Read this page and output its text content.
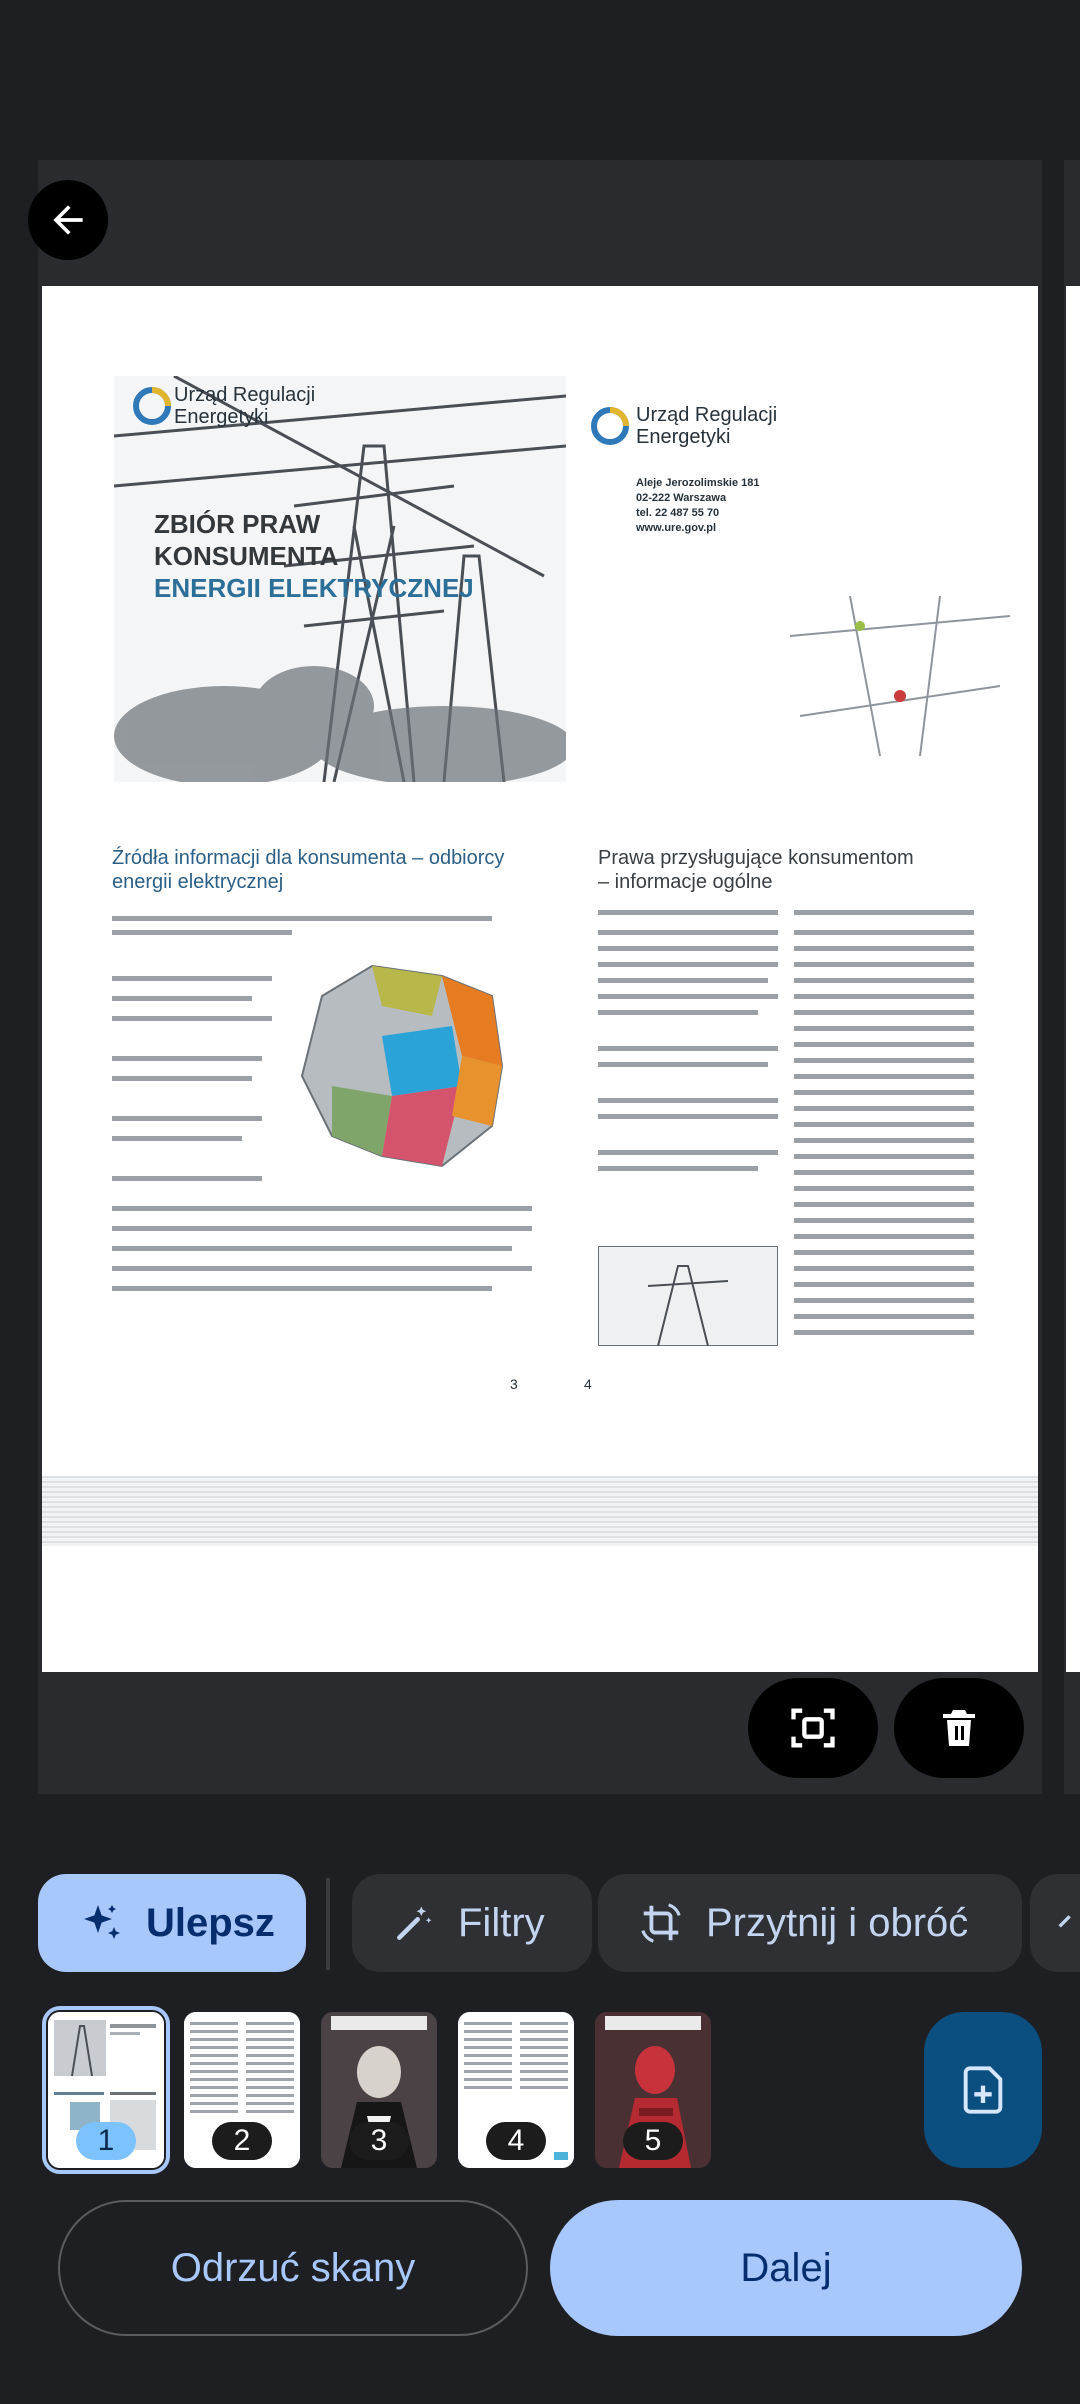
Urząd Regulacji
Energetyki
ZBIÓR PRAW
KONSUMENTA
ENERGII ELEKTRYCZNEJ
Urząd Regulacji
Energetyki
Aleje Jerozolimskie 181
02-222 Warszawa
tel. 22 487 55 70
www.ure.gov.pl
Źródła informacji dla konsumenta – odbiorcy
energii elektrycznej
3
Prawa przysługujące konsumentom
– informacje ogólne
4
Ulepsz	Filtry	Przytnij i obróć
1	2	3	4	5
Odrzuć skany	Dalej
